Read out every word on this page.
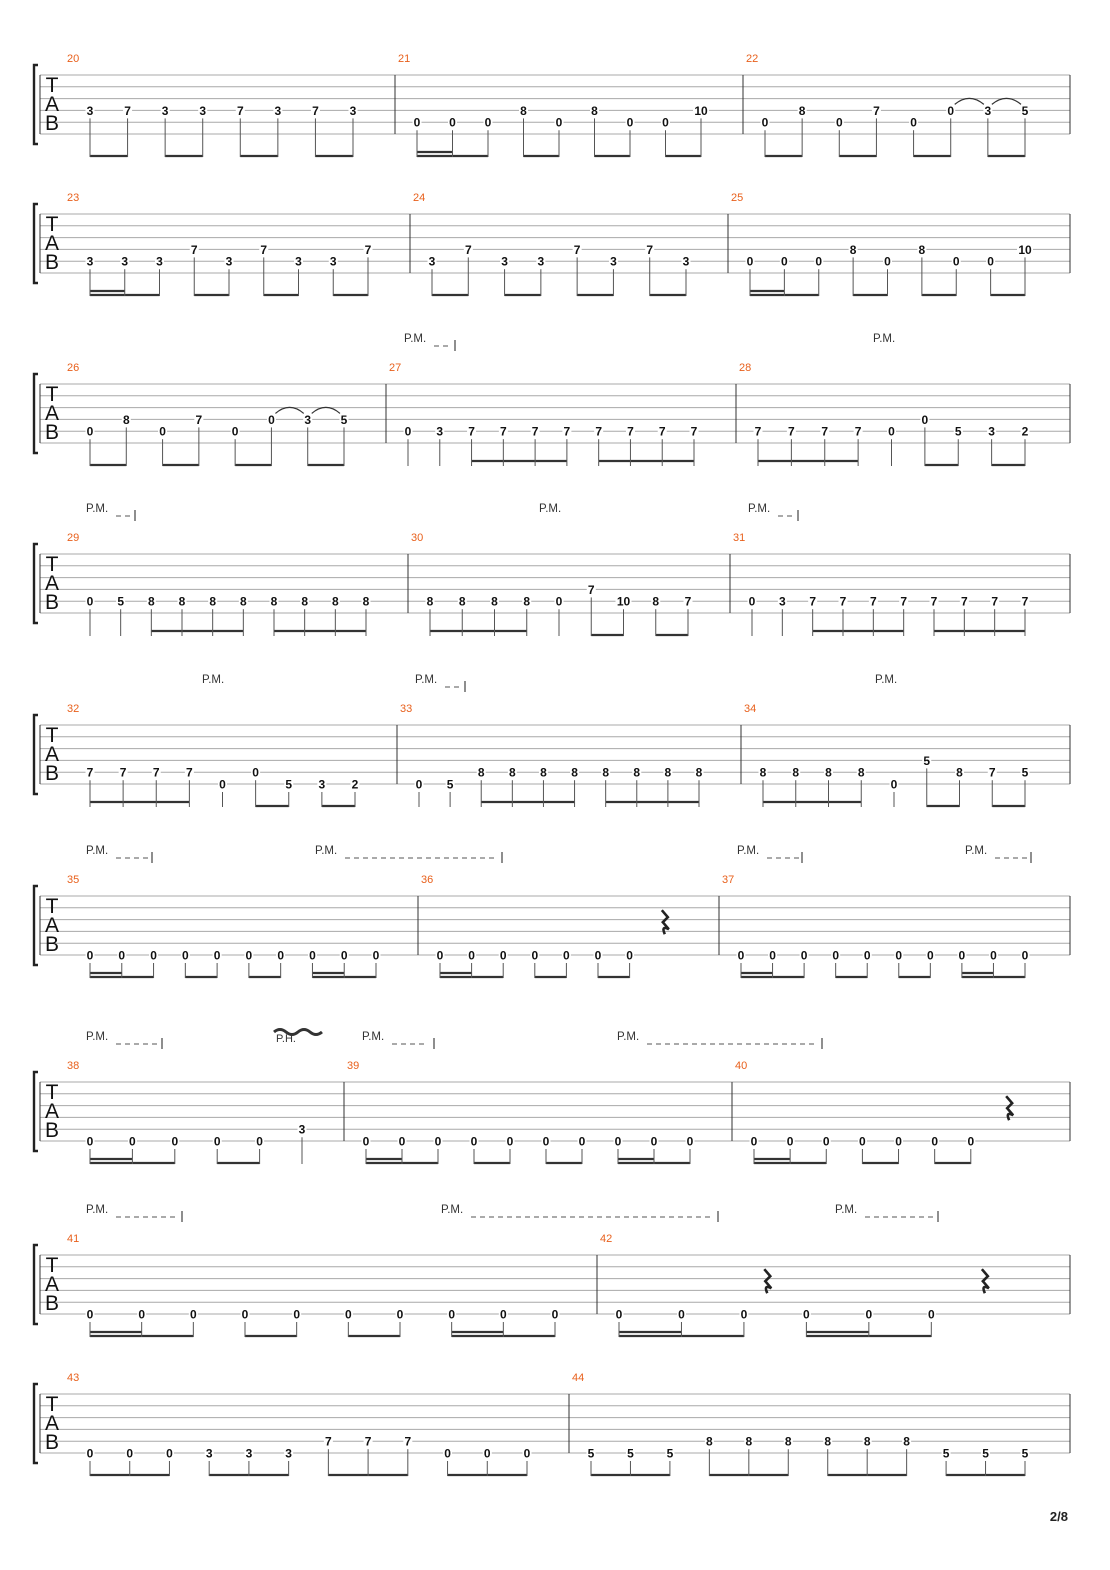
T
A
B
20
3	7	3	3	7	3	7	3
21
0 0 0
8
0
8
0 0
10
22
0
8
0
7
0
0	3	5
T
A
B
23
3 3 3
7
3
7
3 3
7
24
3
7
3 3
7
3
7
3
25
0 0 0
8
0
8
0 0
10
T
A
B
26
0
8
0
7
0
0 3 5
27
0 3 7 7 7 7 7 7 7 7
28
7 7 7 7 0
0
5 3 2
P.M.	P.M.
T
A
B
29
0 5 8 8 8 8 8 8 8 8
30
8 8 8 8 0
7
10 8 7
31
0 3 7 7 7 7 7 7 7 7
P.M.	P.M.	P.M.
T
A
B
32
7 7 7 7
0
0
5 3 2
33
0 5
8 8 8 8 8 8 8 8
34
8 8 8 8
0
5
8 7 5
P.M.	P.M.	P.M.
T
A
B
35
0 0 0 0 0 0 0 0 0 0
36
0 0 0 0 0 0 0
37
0 0 0 0 0 0 0 0 0 0
P.M.	P.M.	P.M.	P.M.
T
A
B
38
0	0	0	0	0
3
39
0 0 0 0 0 0 0 0 0 0
40
0 0 0 0 0 0 0
P.M.	P.M.	P.M.
P.H.
T
A
B
41
0	0	0	0	0	0	0	0	0	0
42
0	0	0	0	0	0
P.M.	P.M.	P.M.
T
A
B
43
0	0	0	3	3	3
7	7	7
0	0	0
44
5	5	5
8	8	8	8	8	8
5	5	5
2/8
